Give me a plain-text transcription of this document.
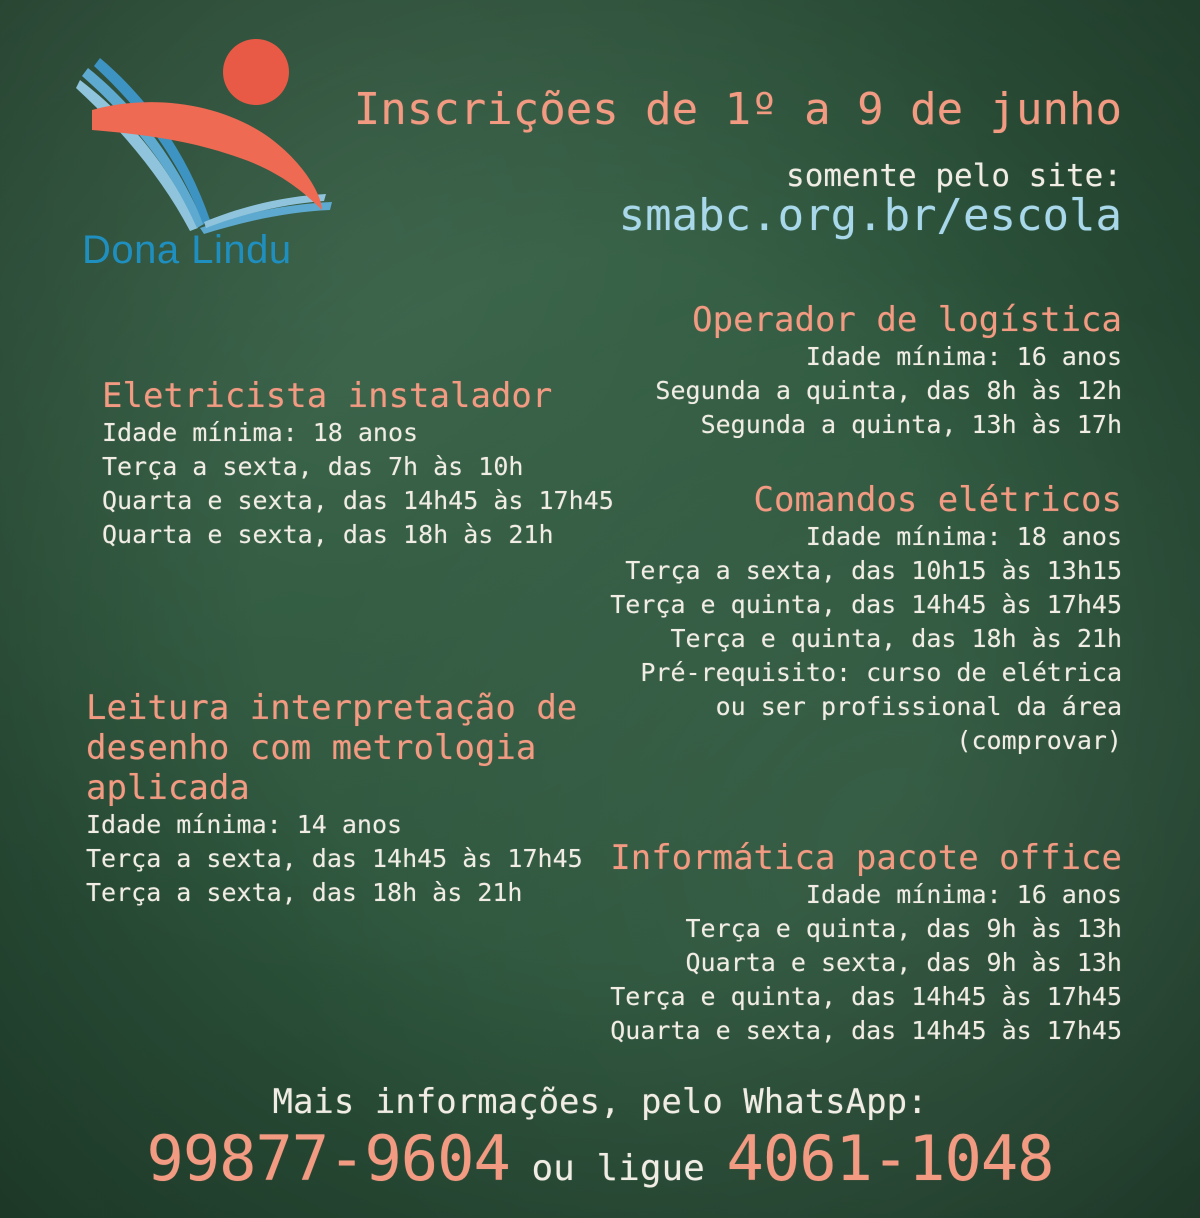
Dona Lindu
Inscrições de 1º a 9 de junho
somente pelo site:
smabc.org.br/escola
Operador de logística
Idade mínima: 16 anos
Segunda a quinta, das 8h às 12h
Segunda a quinta, 13h às 17h
Eletricista instalador
Idade mínima: 18 anos
Terça a sexta, das 7h às 10h
Quarta e sexta, das 14h45 às 17h45
Quarta e sexta, das 18h às 21h
Comandos elétricos
Idade mínima: 18 anos
Terça a sexta, das 10h15 às 13h15
Terça e quinta, das 14h45 às 17h45
Terça e quinta, das 18h às 21h
Pré-requisito: curso de elétrica
ou ser profissional da área
(comprovar)
Leitura interpretação de
desenho com metrologia
aplicada
Idade mínima: 14 anos
Terça a sexta, das 14h45 às 17h45
Terça a sexta, das 18h às 21h
Informática pacote office
Idade mínima: 16 anos
Terça e quinta, das 9h às 13h
Quarta e sexta, das 9h às 13h
Terça e quinta, das 14h45 às 17h45
Quarta e sexta, das 14h45 às 17h45
Mais informações, pelo WhatsApp:
99877-9604 ou ligue 4061-1048
